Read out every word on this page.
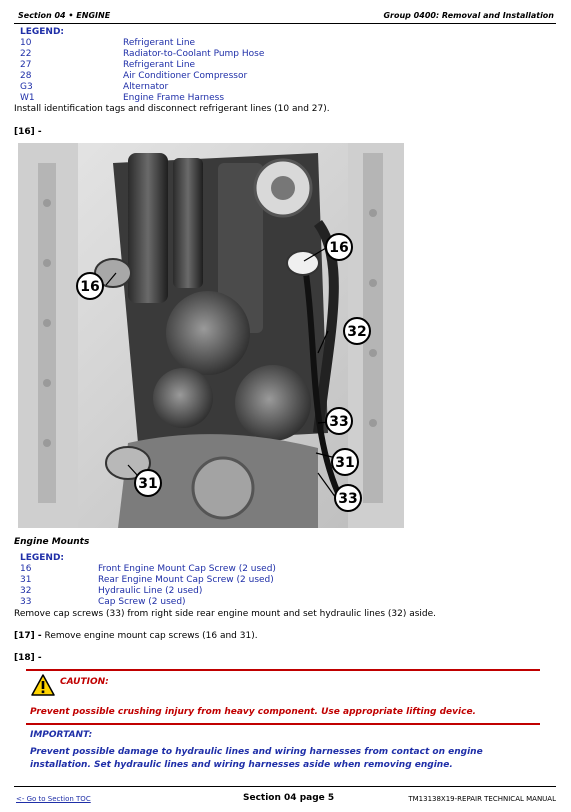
Section 04 • ENGINE	Group 0400: Removal and Installation
LEGEND:
10	Refrigerant Line
22	Radiator-to-Coolant Pump Hose
27	Refrigerant Line
28	Air Conditioner Compressor
G3	Alternator
W1	Engine Frame Harness
Install identification tags and disconnect refrigerant lines (10 and 27).
[16] -
16
16
32
33
31
33
31
Engine Mounts
LEGEND:
16	Front Engine Mount Cap Screw (2 used)
31	Rear Engine Mount Cap Screw (2 used)
32	Hydraulic Line (2 used)
33	Cap Screw (2 used)
Remove cap screws (33) from right side rear engine mount and set hydraulic lines (32) aside.
[17] - Remove engine mount cap screws (16 and 31).
[18] -
CAUTION:
Prevent possible crushing injury from heavy component. Use appropriate lifting device.
IMPORTANT:
Prevent possible damage to hydraulic lines and wiring harnesses from contact on engine installation. Set hydraulic lines and wiring harnesses aside when removing engine.
<- Go to Section TOC	Section 04 page 5	TM13138X19-REPAIR TECHNICAL MANUAL
